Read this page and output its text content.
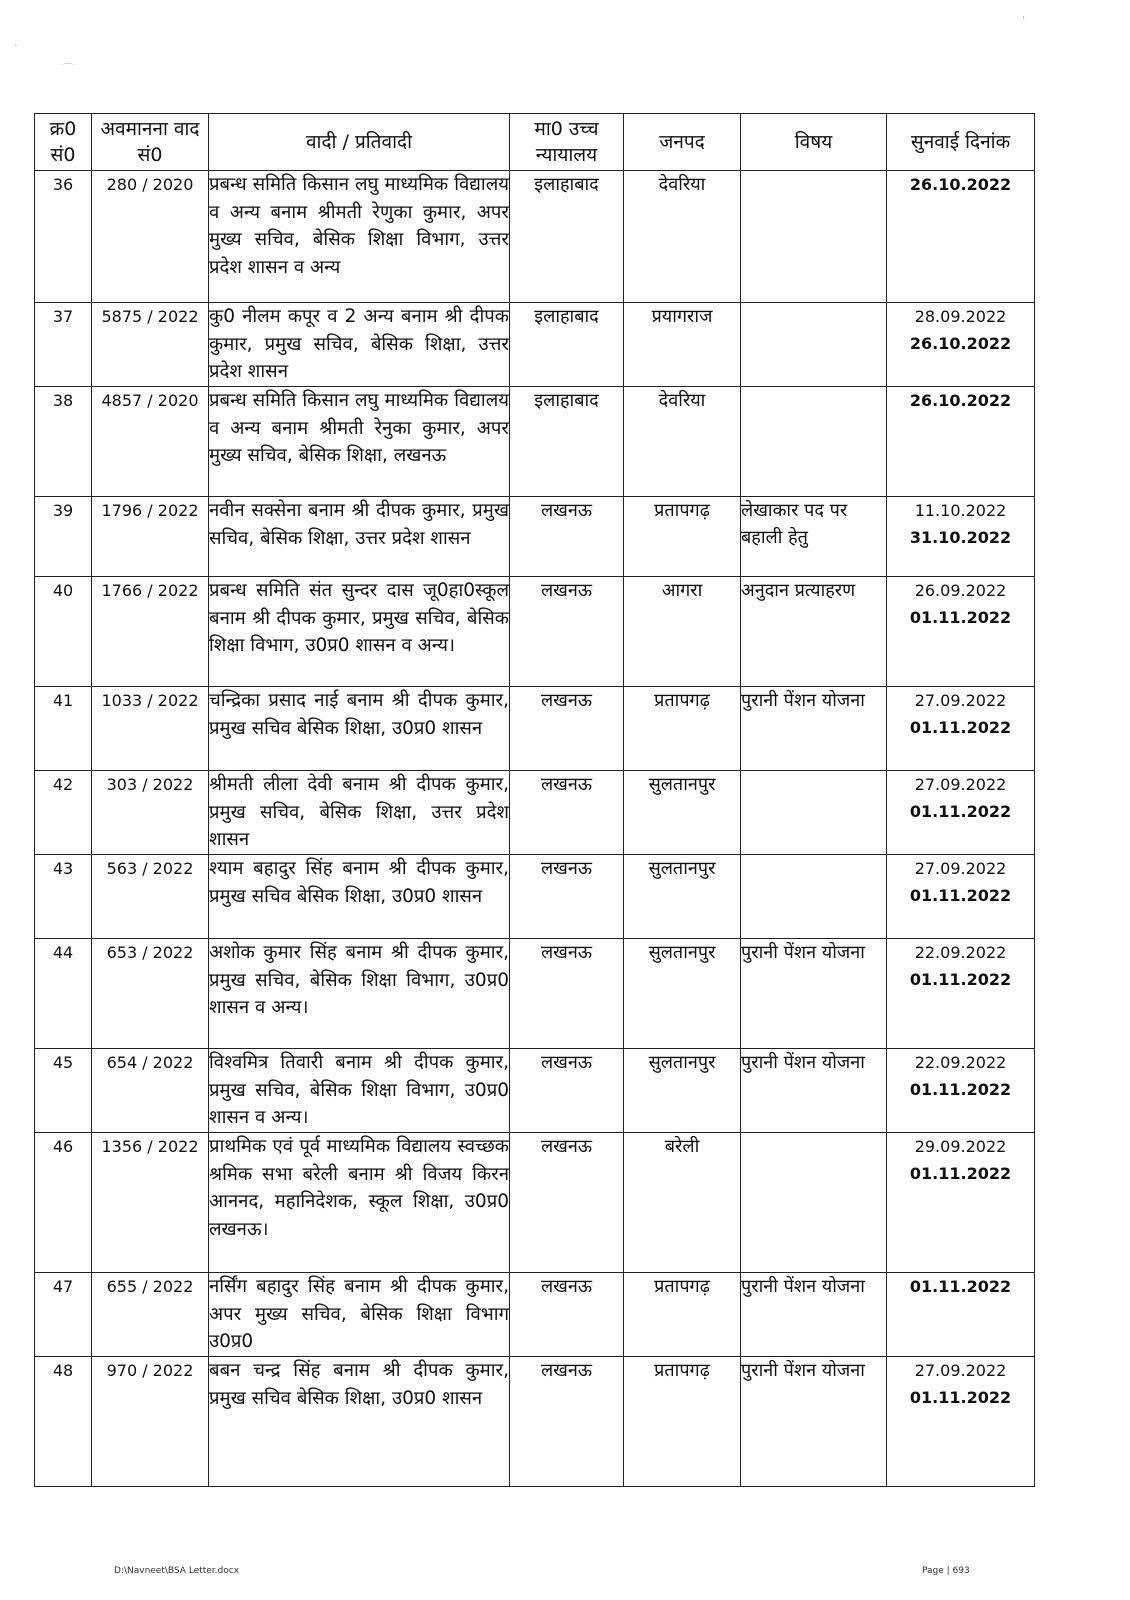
·
⌒
'
क्र0 सं0	अवमानना वाद सं0	वादी / प्रतिवादी	मा0 उच्च न्यायालय	जनपद	विषय	सुनवाई दिनांक
36	280 / 2020	प्रबन्ध समिति किसान लघु माध्यमिक विद्यालय व अन्य बनाम श्रीमती रेणुका कुमार, अपर मुख्य सचिव, बेसिक शिक्षा विभाग, उत्तर प्रदेश शासन व अन्य	इलाहाबाद	देवरिया		26.10.2022

37	5875 / 2022	कु0 नीलम कपूर व 2 अन्य बनाम श्री दीपक कुमार, प्रमुख सचिव, बेसिक शिक्षा, उत्तर प्रदेश शासन	इलाहाबाद	प्रयागराज		28.09.2022
26.10.2022

38	4857 / 2020	प्रबन्ध समिति किसान लघु माध्यमिक विद्यालय व अन्य बनाम श्रीमती रेनुका कुमार, अपर मुख्य सचिव, बेसिक शिक्षा, लखनऊ	इलाहाबाद	देवरिया		26.10.2022

39	1796 / 2022	नवीन सक्सेना बनाम श्री दीपक कुमार, प्रमुख सचिव, बेसिक शिक्षा, उत्तर प्रदेश शासन	लखनऊ	प्रतापगढ़	लेखाकार पद पर बहाली हेतु	11.10.2022
31.10.2022

40	1766 / 2022	प्रबन्ध समिति संत सुन्दर दास जू0हा0स्कूल बनाम श्री दीपक कुमार, प्रमुख सचिव, बेसिक शिक्षा विभाग, उ0प्र0 शासन व अन्य।	लखनऊ	आगरा	अनुदान प्रत्याहरण	26.09.2022
01.11.2022

41	1033 / 2022	चन्द्रिका प्रसाद नाई बनाम श्री दीपक कुमार, प्रमुख सचिव बेसिक शिक्षा, उ0प्र0 शासन	लखनऊ	प्रतापगढ़	पुरानी पेंशन योजना	27.09.2022
01.11.2022

42	303 / 2022	श्रीमती लीला देवी बनाम श्री दीपक कुमार, प्रमुख सचिव, बेसिक शिक्षा, उत्तर प्रदेश शासन	लखनऊ	सुलतानपुर		27.09.2022
01.11.2022

43	563 / 2022	श्याम बहादुर सिंह बनाम श्री दीपक कुमार, प्रमुख सचिव बेसिक शिक्षा, उ0प्र0 शासन	लखनऊ	सुलतानपुर		27.09.2022
01.11.2022

44	653 / 2022	अशोक कुमार सिंह बनाम श्री दीपक कुमार, प्रमुख सचिव, बेसिक शिक्षा विभाग, उ0प्र0 शासन व अन्य।	लखनऊ	सुलतानपुर	पुरानी पेंशन योजना	22.09.2022
01.11.2022

45	654 / 2022	विश्वमित्र तिवारी बनाम श्री दीपक कुमार, प्रमुख सचिव, बेसिक शिक्षा विभाग, उ0प्र0 शासन व अन्य।	लखनऊ	सुलतानपुर	पुरानी पेंशन योजना	22.09.2022
01.11.2022

46	1356 / 2022	प्राथमिक एवं पूर्व माध्यमिक विद्यालय स्वच्छक श्रमिक सभा बरेली बनाम श्री विजय किरन आननद, महानिदेशक, स्कूल शिक्षा, उ0प्र0 लखनऊ।	लखनऊ	बरेली		29.09.2022
01.11.2022

47	655 / 2022	नर्सिंग बहादुर सिंह बनाम श्री दीपक कुमार, अपर मुख्य सचिव, बेसिक शिक्षा विभाग उ0प्र0	लखनऊ	प्रतापगढ़	पुरानी पेंशन योजना	01.11.2022

48	970 / 2022	बबन चन्द्र सिंह बनाम श्री दीपक कुमार, प्रमुख सचिव बेसिक शिक्षा, उ0प्र0 शासन	लखनऊ	प्रतापगढ़	पुरानी पेंशन योजना	27.09.2022
01.11.2022
D:\Navneet\BSA Letter.docx	Page | 693
